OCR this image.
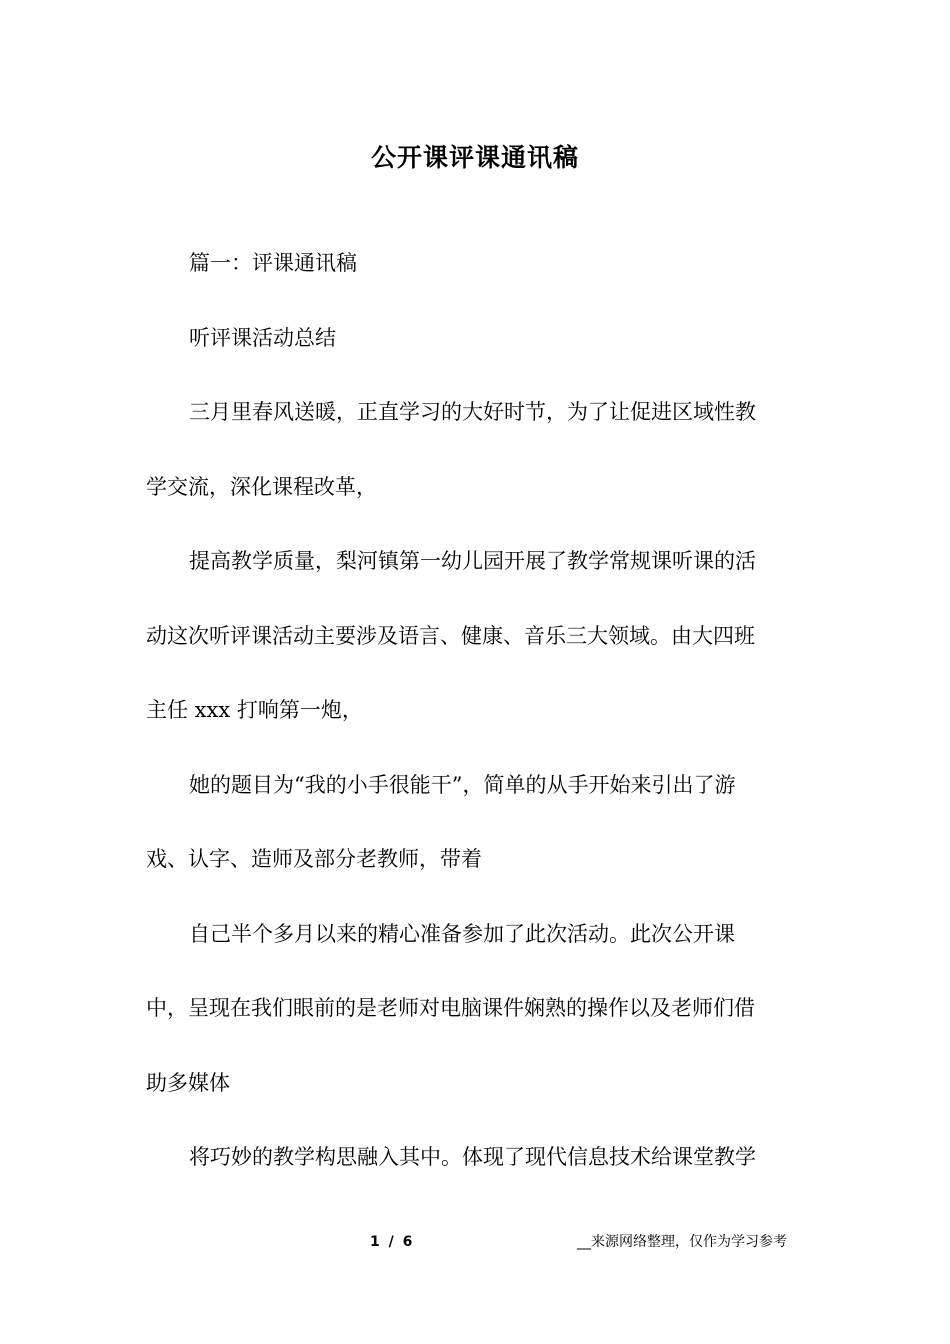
公开课评课通讯稿
篇一：评课通讯稿
听评课活动总结
三月里春风送暖，正直学习的大好时节，为了让促进区域性教
学交流，深化课程改革，
提高教学质量，梨河镇第一幼儿园开展了教学常规课听课的活
动这次听评课活动主要涉及语言、健康、音乐三大领域。由大四班
主任 xxx 打响第一炮，
她的题目为“我的小手很能干”，简单的从手开始来引出了游
戏、认字、造师及部分老教师，带着
自己半个多月以来的精心准备参加了此次活动。此次公开课
中，呈现在我们眼前的是老师对电脑课件娴熟的操作以及老师们借
助多媒体
将巧妙的教学构思融入其中。体现了现代信息技术给课堂教学
1 / 6	__来源网络整理，仅作为学习参考
